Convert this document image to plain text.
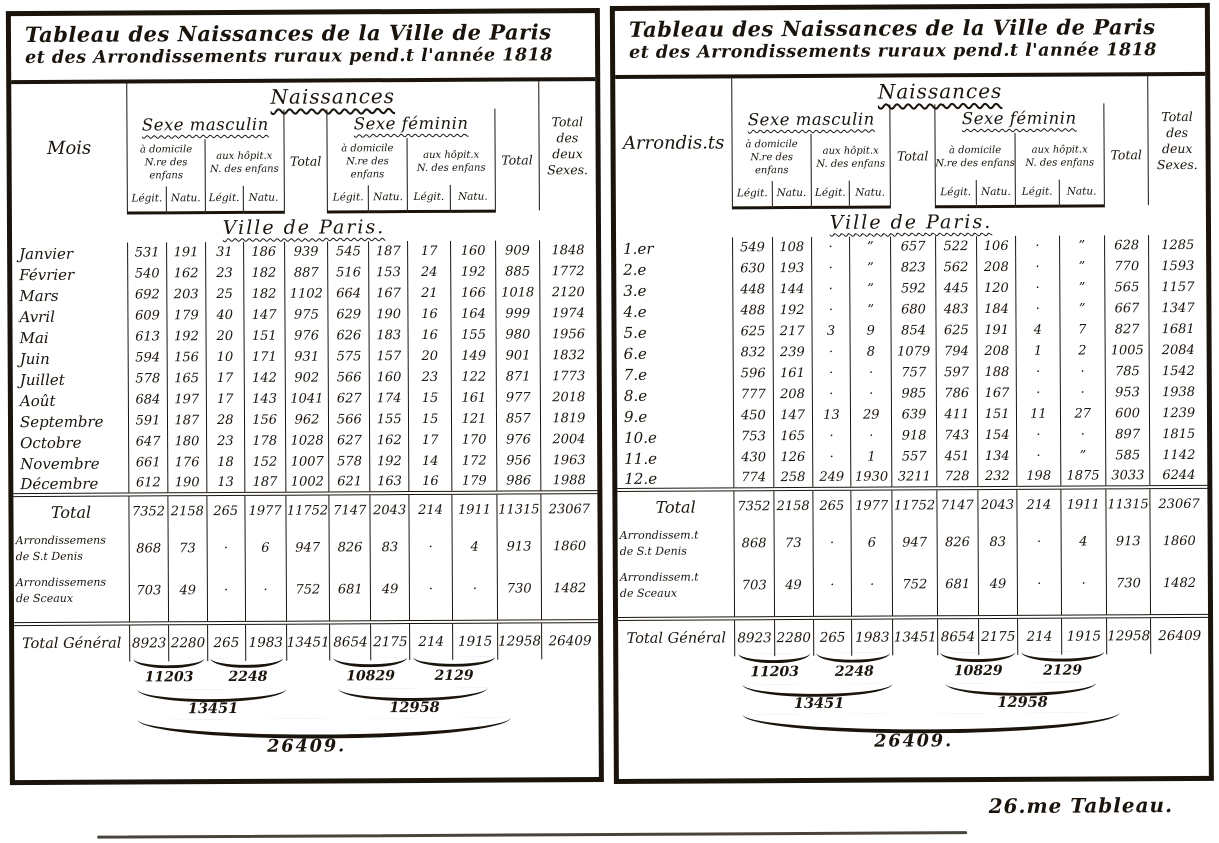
Tableau des Naissances de la Ville de Paris
et des Arrondissements ruraux pend.t l'année 1818
Mois	Naissances										Total
des
deux
Sexes.
	Sexe masculin				Total	Sexe féminin				Total	
	à domicile
N.re des enfans		aux hôpit.x
N. des enfans			à domicile
N.re des enfans		aux hôpit.x
N. des enfans			
	Légit.	Natu.	Légit.	Natu.		Légit.	Natu.	Légit.	Natu.		
Ville de Paris.											
Janvier	531	191	31	186	939	545	187	17	160	909	1848
Février	540	162	23	182	887	516	153	24	192	885	1772
Mars	692	203	25	182	1102	664	167	21	166	1018	2120
Avril	609	179	40	147	975	629	190	16	164	999	1974
Mai	613	192	20	151	976	626	183	16	155	980	1956
Juin	594	156	10	171	931	575	157	20	149	901	1832
Juillet	578	165	17	142	902	566	160	23	122	871	1773
Août	684	197	17	143	1041	627	174	15	161	977	2018
Septembre	591	187	28	156	962	566	155	15	121	857	1819
Octobre	647	180	23	178	1028	627	162	17	170	976	2004
Novembre	661	176	18	152	1007	578	192	14	172	956	1963
Décembre	612	190	13	187	1002	621	163	16	179	986	1988
Total	7352	2158	265	1977	11752	7147	2043	214	1911	11315	23067
Arrondissemens
de S.t Denis	868	73	·	6	947	826	83	·	4	913	1860
Arrondissemens
de Sceaux	703	49	·	·	752	681	49	·	·	730	1482

Total Général	8923	2280	265	1983	13451	8654	2175	214	1915	12958	26409
11203 2248	10829	2129
13451	12958
26409.
Tableau des Naissances de la Ville de Paris
et des Arrondissements ruraux pend.t l'année 1818
Arrondis.ts	Naissances										Total
des
deux
Sexes.
	Sexe masculin				Total	Sexe féminin				Total	
	à domicile
N.re des enfans		aux hôpit.x
N. des enfans			à domicile
N.re des enfans		aux hôpit.x
N. des enfans			
	Légit.	Natu.	Légit.	Natu.		Légit.	Natu.	Légit.	Natu.		
Ville de Paris.											
1.er	549	108	·	”	657	522	106	·	”	628	1285
2.e	630	193	·	”	823	562	208	·	”	770	1593
3.e	448	144	·	”	592	445	120	·	”	565	1157
4.e	488	192	·	”	680	483	184	·	”	667	1347
5.e	625	217	3	9	854	625	191	4	7	827	1681
6.e	832	239	·	8	1079	794	208	1	2	1005	2084
7.e	596	161	·	·	757	597	188	·	·	785	1542
8.e	777	208	·	·	985	786	167	·	·	953	1938
9.e	450	147	13	29	639	411	151	11	27	600	1239
10.e	753	165	·	·	918	743	154	·	·	897	1815
11.e	430	126	·	1	557	451	134	·	”	585	1142
12.e	774	258	249	1930	3211	728	232	198	1875	3033	6244
Total	7352	2158	265	1977	11752	7147	2043	214	1911	11315	23067
Arrondissem.t
de S.t Denis	868	73	·	6	947	826	83	·	4	913	1860
Arrondissem.t
de Sceaux	703	49	·	·	752	681	49	·	·	730	1482

Total Général	8923	2280	265	1983	13451	8654	2175	214	1915	12958	26409
11203	2248	10829	2129
13451	12958
26409.
26.me Tableau.
